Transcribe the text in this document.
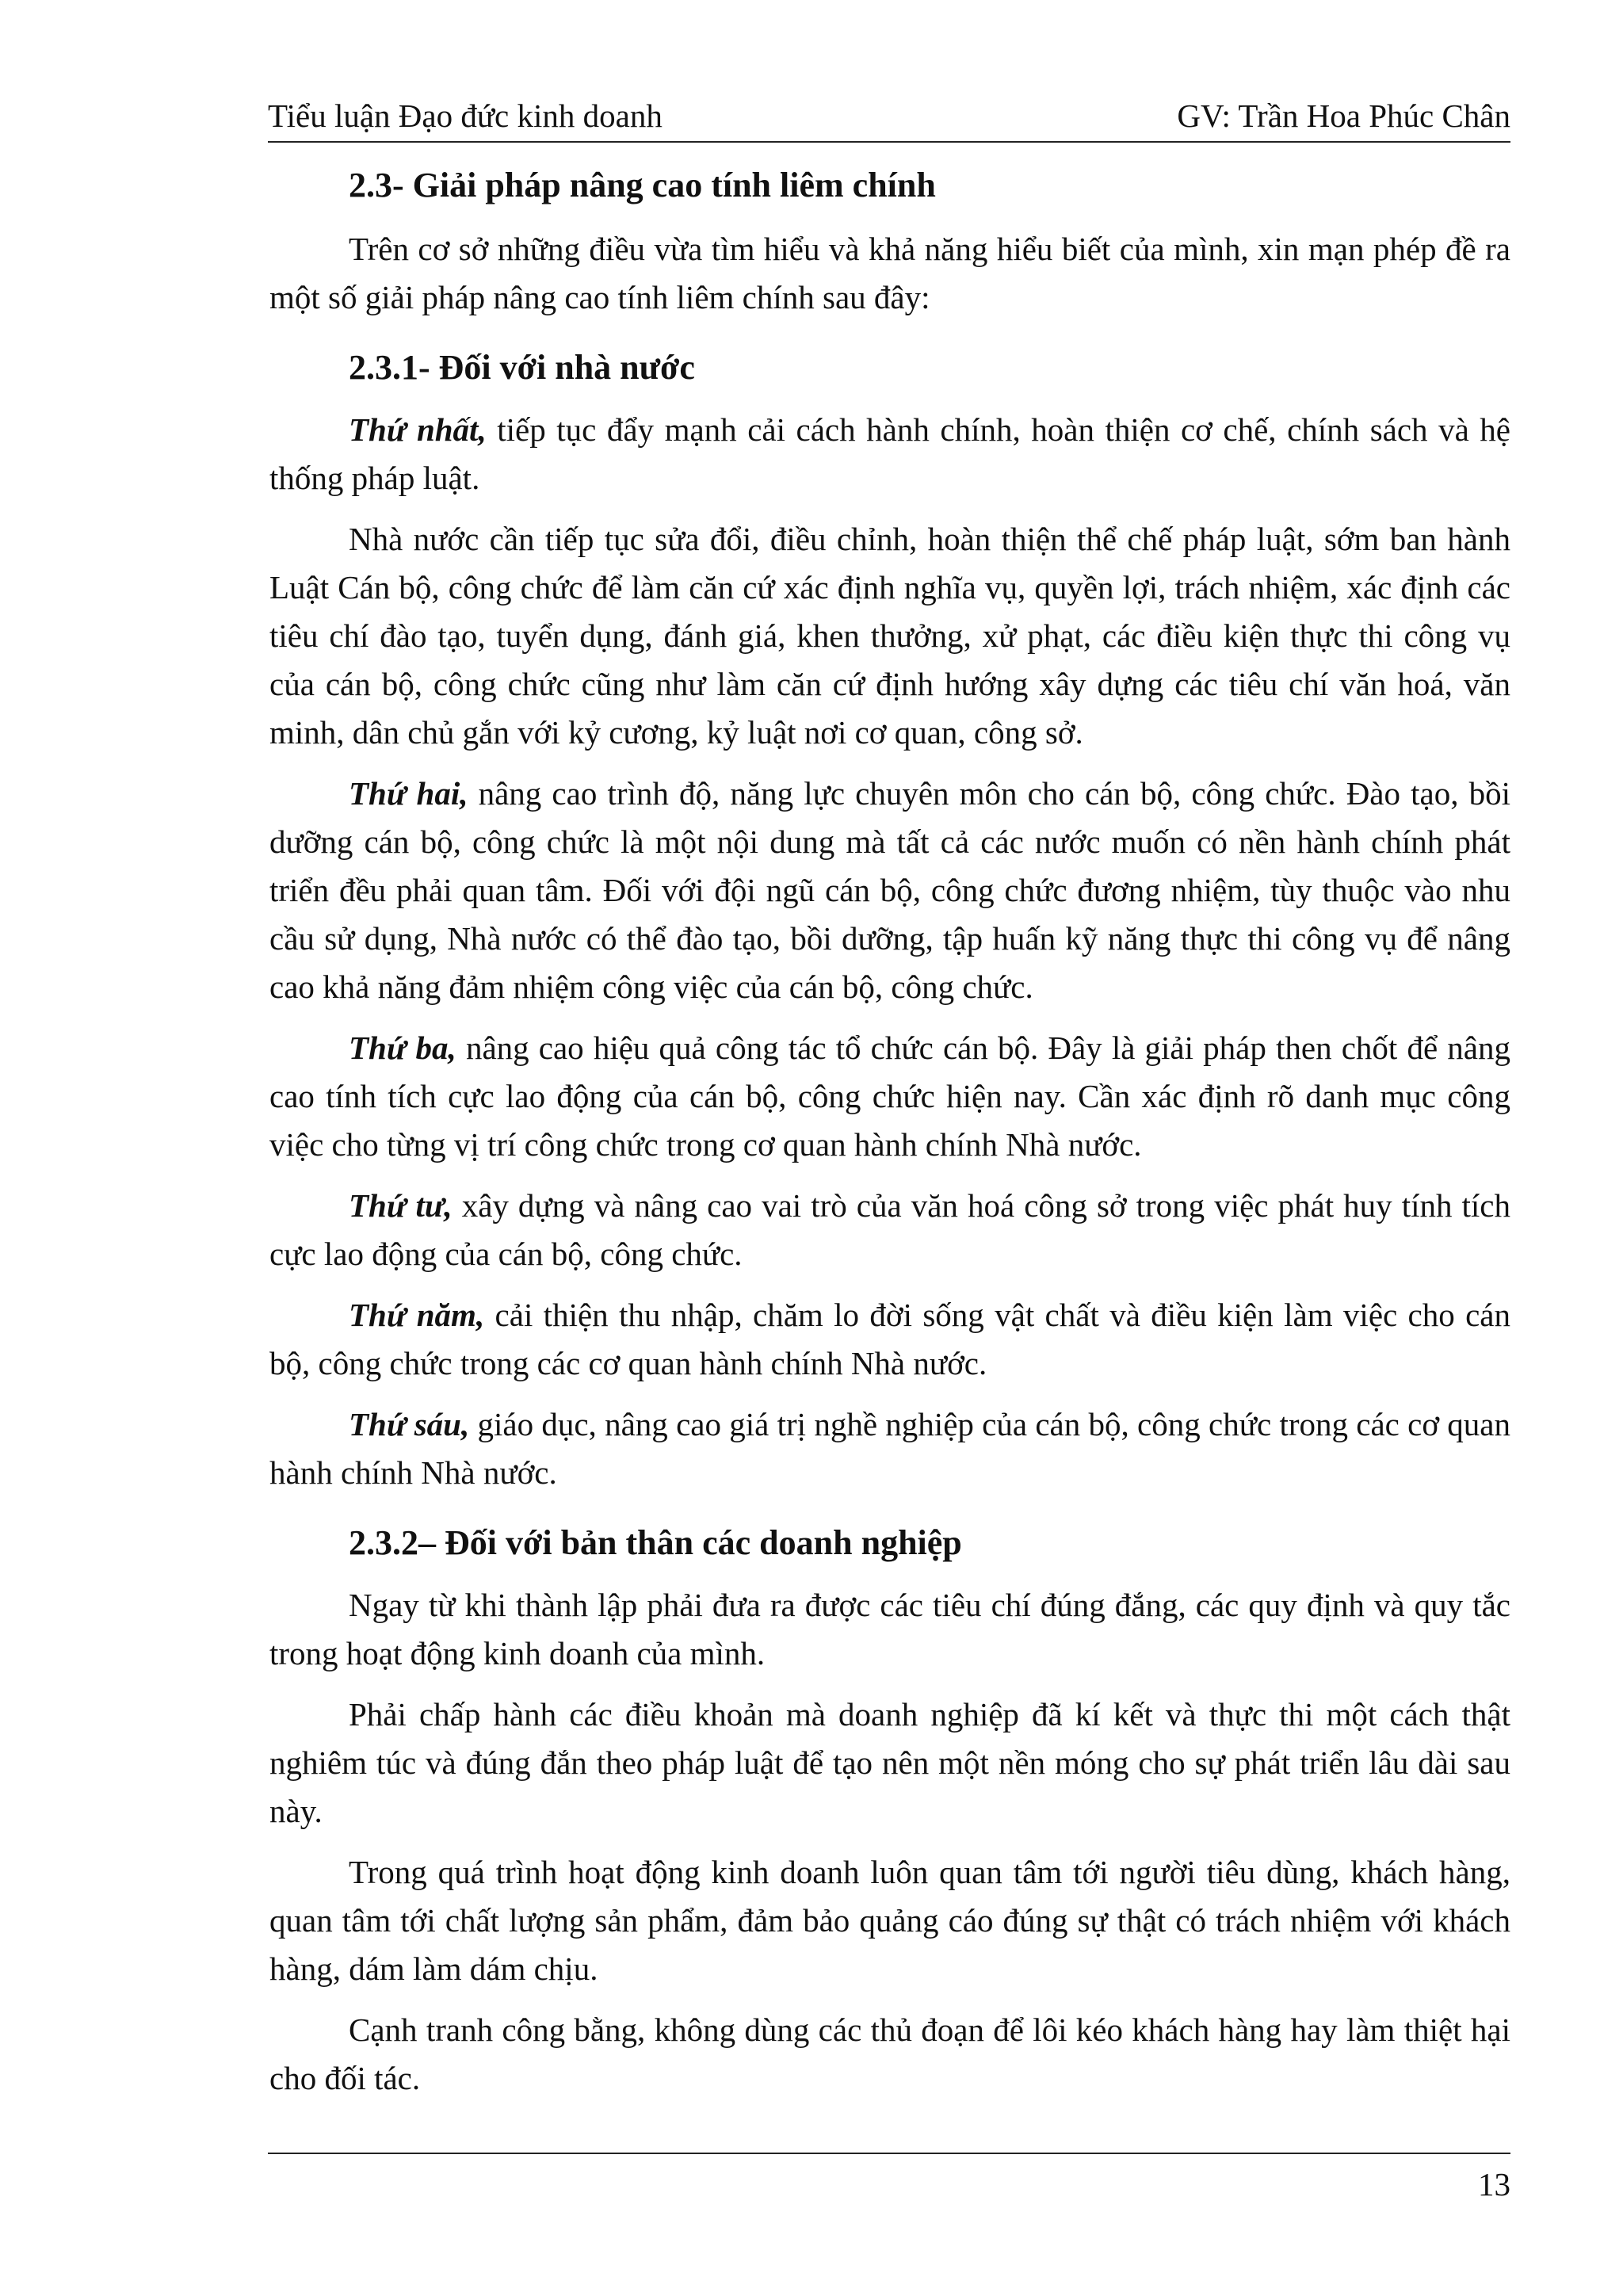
Tiểu luận Đạo đức kinh doanh	GV: Trần Hoa Phúc Chân
2.3- Giải pháp nâng cao tính liêm chính

Trên cơ sở những điều vừa tìm hiểu và khả năng hiểu biết của mình, xin mạn phép đề ra một số giải pháp nâng cao tính liêm chính sau đây:

2.3.1- Đối với nhà nước

Thứ nhất, tiếp tục đẩy mạnh cải cách hành chính, hoàn thiện cơ chế, chính sách và hệ thống pháp luật.

Nhà nước cần tiếp tục sửa đổi, điều chỉnh, hoàn thiện thể chế pháp luật, sớm ban hành Luật Cán bộ, công chức để làm căn cứ xác định nghĩa vụ, quyền lợi, trách nhiệm, xác định các tiêu chí đào tạo, tuyển dụng, đánh giá, khen thưởng, xử phạt, các điều kiện thực thi công vụ của cán bộ, công chức cũng như làm căn cứ định hướng xây dựng các tiêu chí văn hoá, văn minh, dân chủ gắn với kỷ cương, kỷ luật nơi cơ quan, công sở.

Thứ hai, nâng cao trình độ, năng lực chuyên môn cho cán bộ, công chức. Đào tạo, bồi dưỡng cán bộ, công chức là một nội dung mà tất cả các nước muốn có nền hành chính phát triển đều phải quan tâm. Đối với đội ngũ cán bộ, công chức đương nhiệm, tùy thuộc vào nhu cầu sử dụng, Nhà nước có thể đào tạo, bồi dưỡng, tập huấn kỹ năng thực thi công vụ để nâng cao khả năng đảm nhiệm công việc của cán bộ, công chức.

Thứ ba, nâng cao hiệu quả công tác tổ chức cán bộ. Đây là giải pháp then chốt để nâng cao tính tích cực lao động của cán bộ, công chức hiện nay. Cần xác định rõ danh mục công việc cho từng vị trí công chức trong cơ quan hành chính Nhà nước.

Thứ tư, xây dựng và nâng cao vai trò của văn hoá công sở trong việc phát huy tính tích cực lao động của cán bộ, công chức.

Thứ năm, cải thiện thu nhập, chăm lo đời sống vật chất và điều kiện làm việc cho cán bộ, công chức trong các cơ quan hành chính Nhà nước.

Thứ sáu, giáo dục, nâng cao giá trị nghề nghiệp của cán bộ, công chức trong các cơ quan hành chính Nhà nước.

2.3.2– Đối với bản thân các doanh nghiệp

Ngay từ khi thành lập phải đưa ra được các tiêu chí đúng đắng, các quy định và quy tắc trong hoạt động kinh doanh của mình.

Phải chấp hành các điều khoản mà doanh nghiệp đã kí kết và thực thi một cách thật nghiêm túc và đúng đắn theo pháp luật để tạo nên một nền móng cho sự phát triển lâu dài sau này.

Trong quá trình hoạt động kinh doanh luôn quan tâm tới người tiêu dùng, khách hàng, quan tâm tới chất lượng sản phẩm, đảm bảo quảng cáo đúng sự thật có trách nhiệm với khách hàng, dám làm dám chịu.

Cạnh tranh công bằng, không dùng các thủ đoạn để lôi kéo khách hàng hay làm thiệt hại cho đối tác.

13
